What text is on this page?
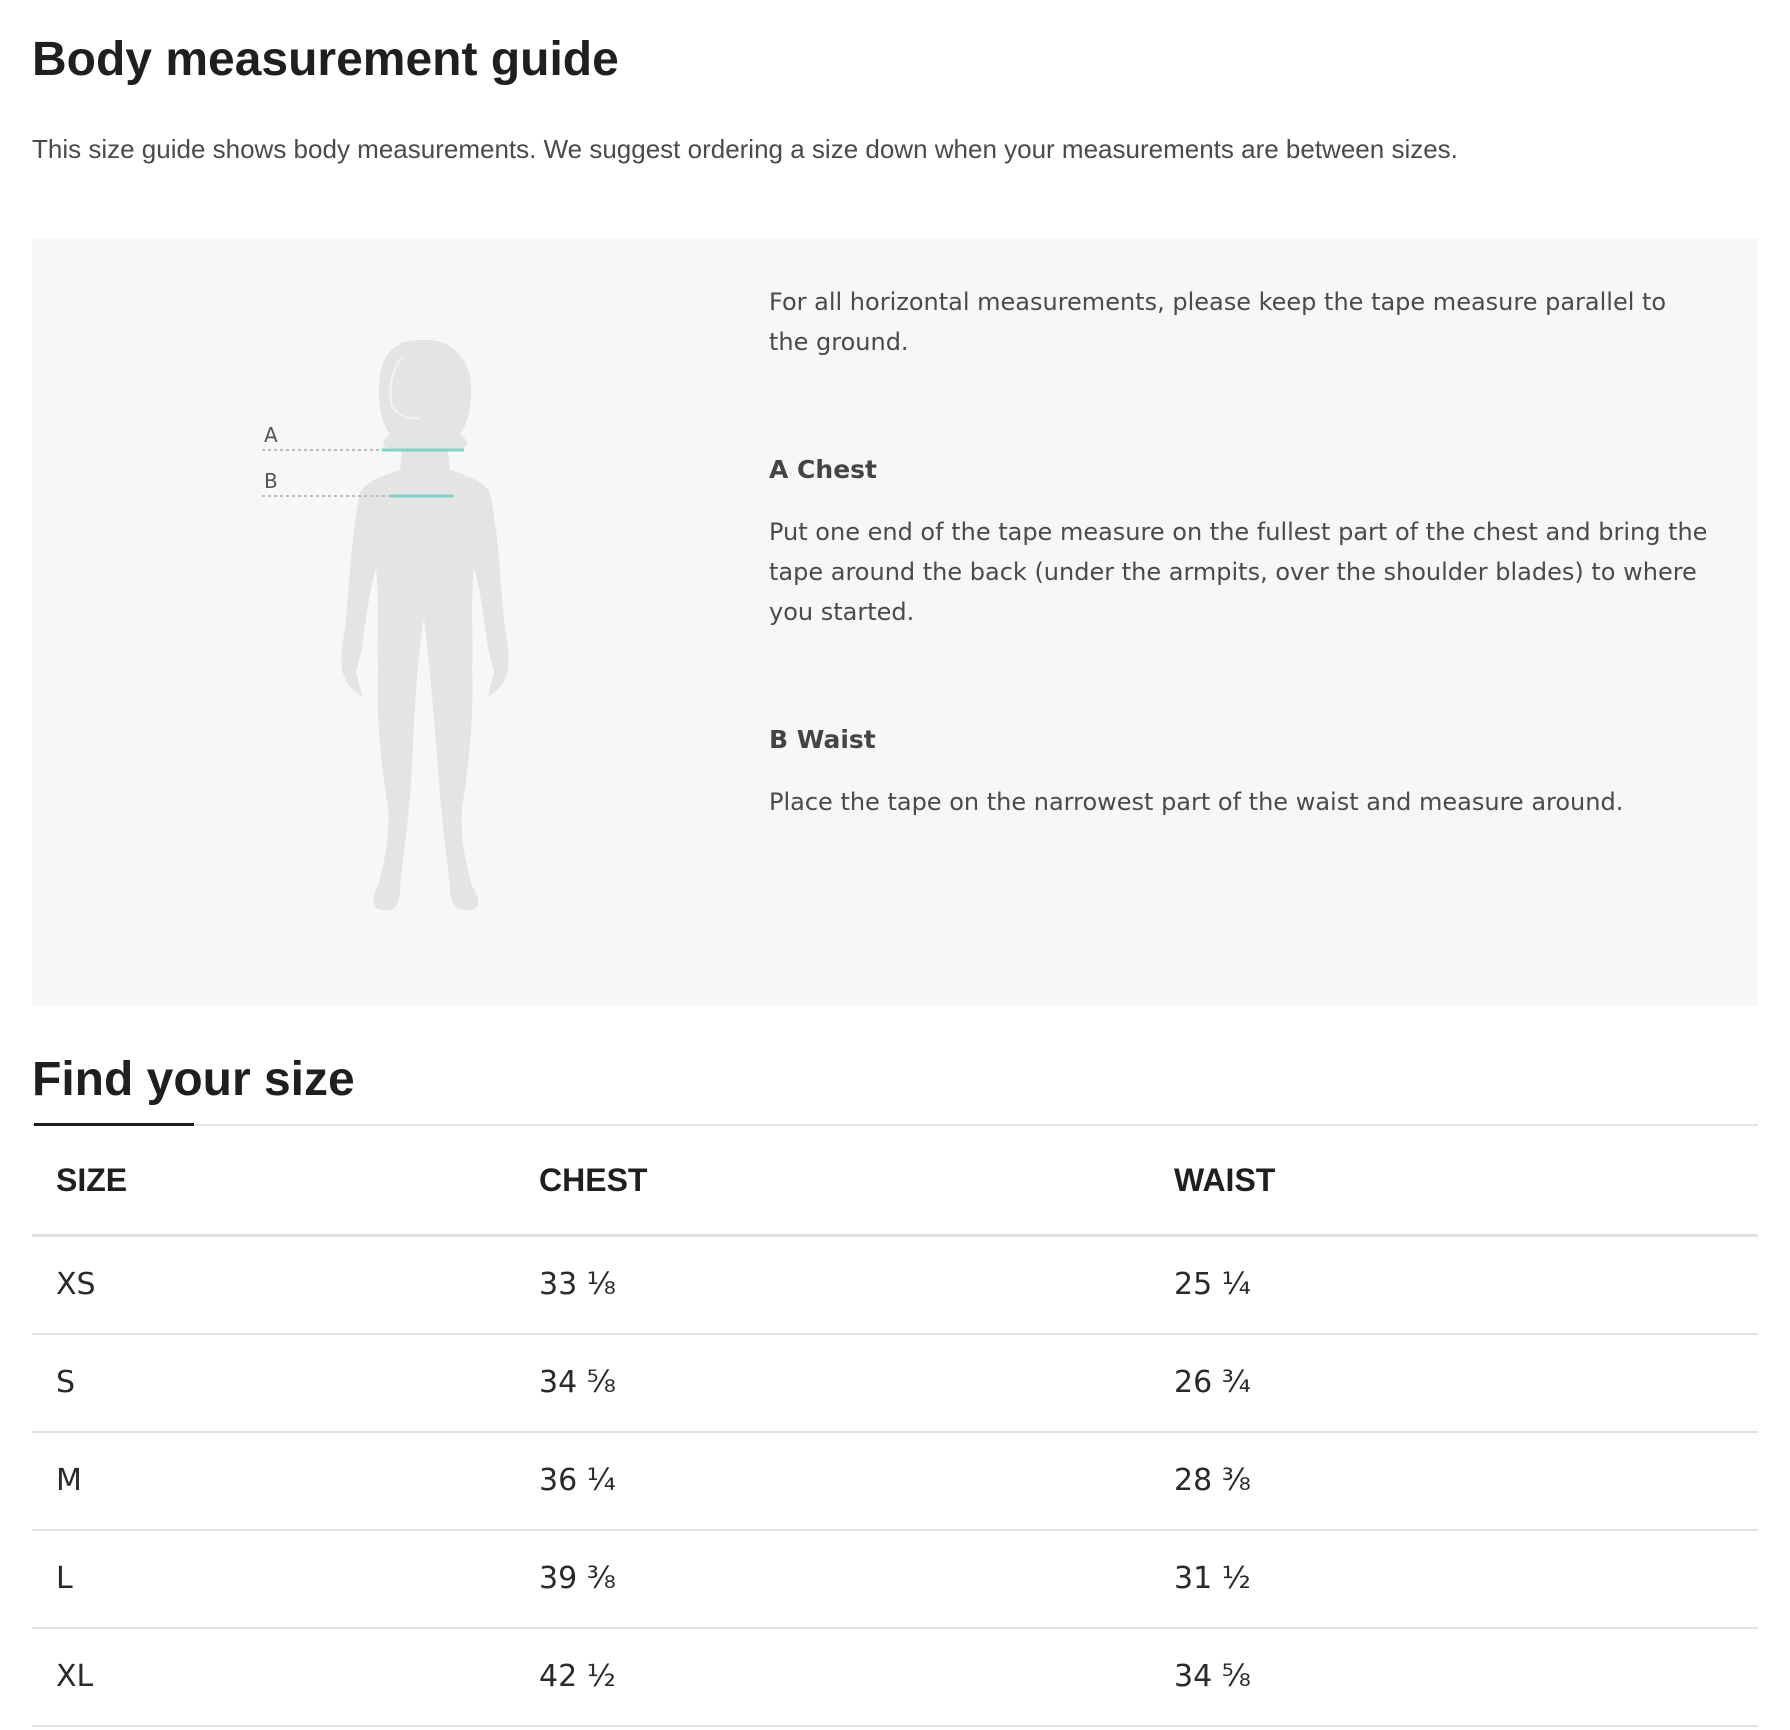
Body measurement guide
This size guide shows body measurements. We suggest ordering a size down when your measurements are between sizes.
A
B

For all horizontal measurements, please keep the tape measure parallel to the ground.

A Chest

Put one end of the tape measure on the fullest part of the chest and bring the tape around the back (under the armpits, over the shoulder blades) to where you started.

B Waist

Place the tape on the narrowest part of the waist and measure around.

Find your size
SIZE	CHEST	WAIST
XS	33 ⅛	25 ¼
S	34 ⅝	26 ¾
M	36 ¼	28 ⅜
L	39 ⅜	31 ½
XL	42 ½	34 ⅝
